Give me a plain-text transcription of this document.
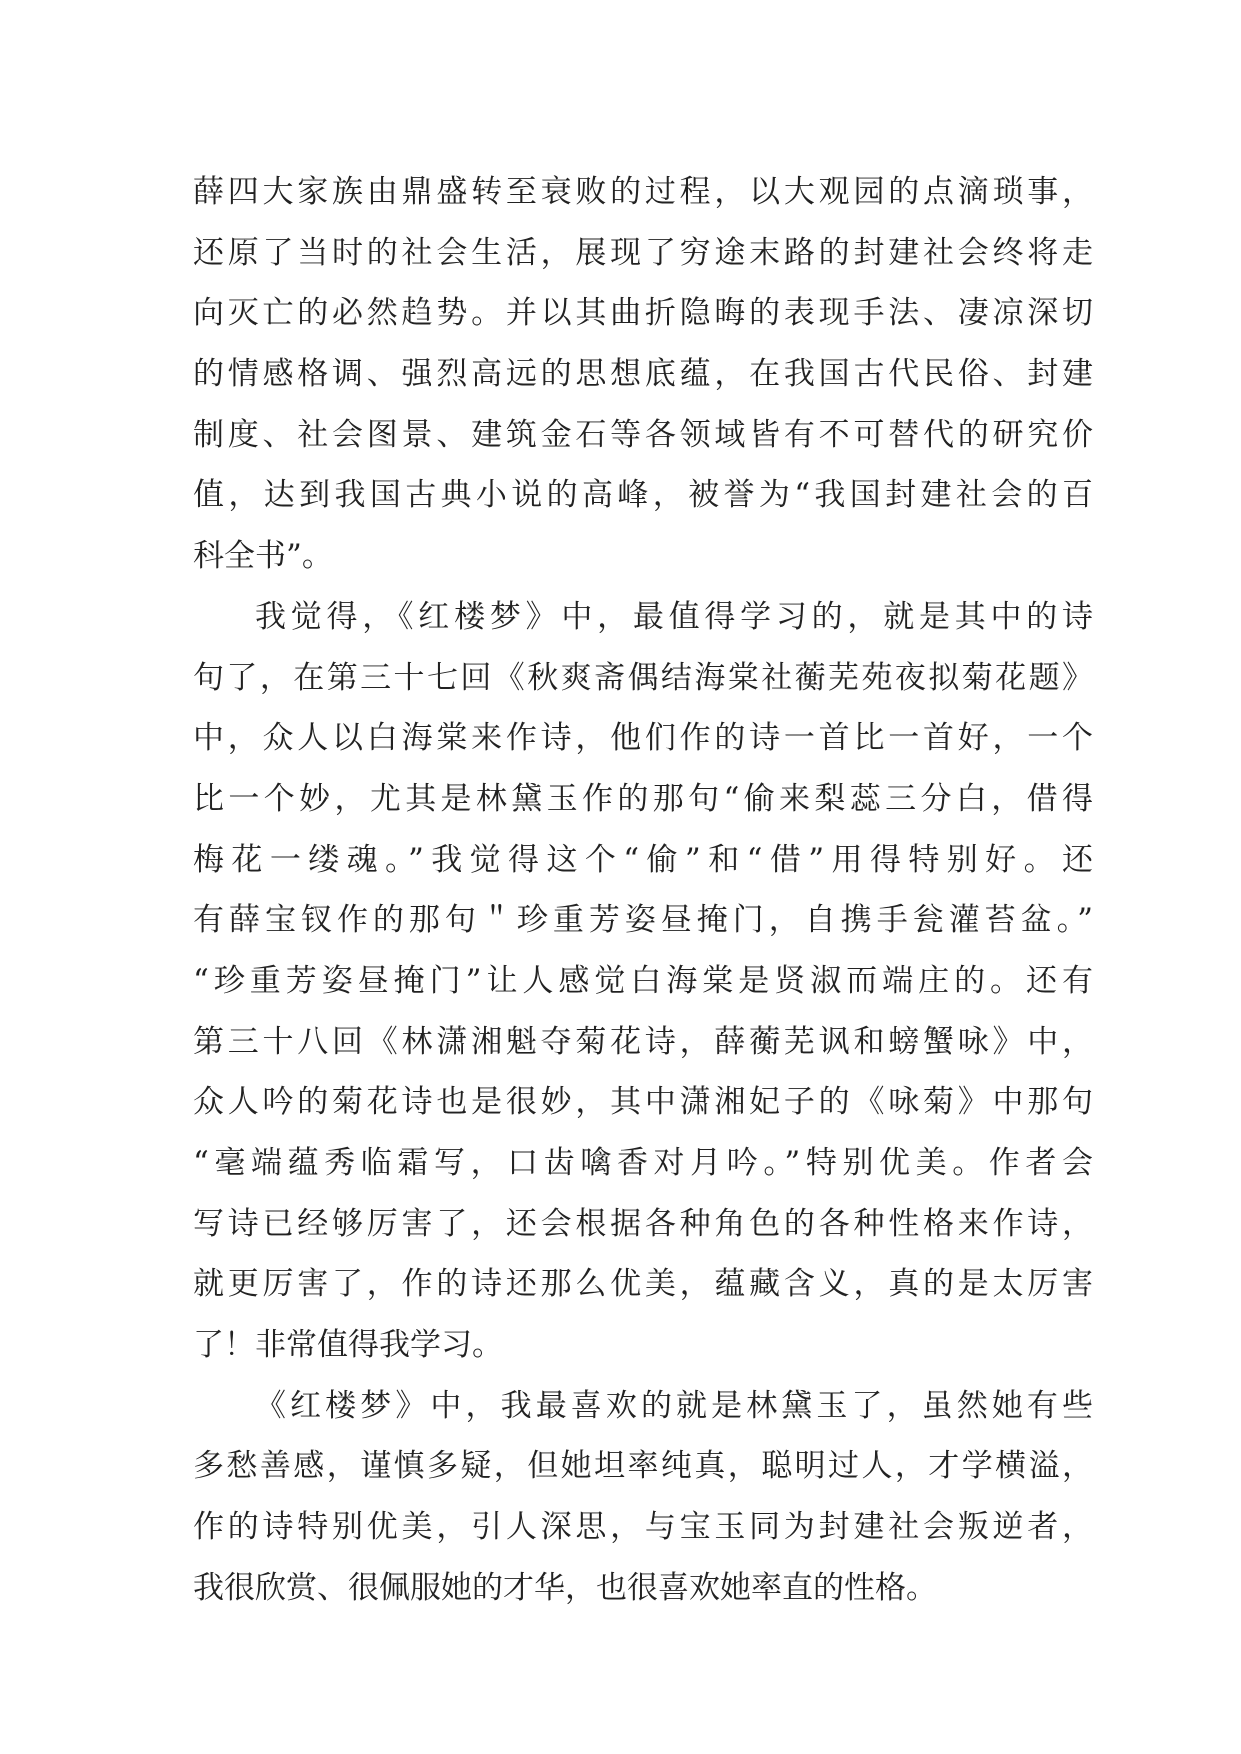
薛四大家族由鼎盛转至衰败的过程，以大观园的点滴琐事，
还原了当时的社会生活，展现了穷途末路的封建社会终将走
向灭亡的必然趋势。并以其曲折隐晦的表现手法、凄凉深切
的情感格调、强烈高远的思想底蕴，在我国古代民俗、封建
制度、社会图景、建筑金石等各领域皆有不可替代的研究价
值，达到我国古典小说的高峰，被誉为“我国封建社会的百
科全书”。
我觉得，《红楼梦》中，最值得学习的，就是其中的诗
句了，在第三十七回《秋爽斋偶结海棠社蘅芜苑夜拟菊花题》
中，众人以白海棠来作诗，他们作的诗一首比一首好，一个
比一个妙，尤其是林黛玉作的那句“偷来梨蕊三分白，借得
梅花一缕魂。”我觉得这个“偷”和“借”用得特别好。还
有薛宝钗作的那句＂珍重芳姿昼掩门，自携手瓮灌苔盆。”
“珍重芳姿昼掩门”让人感觉白海棠是贤淑而端庄的。还有
第三十八回《林潇湘魁夺菊花诗，薛蘅芜讽和螃蟹咏》中，
众人吟的菊花诗也是很妙，其中潇湘妃子的《咏菊》中那句
“毫端蕴秀临霜写，口齿噙香对月吟。”特别优美。作者会
写诗已经够厉害了，还会根据各种角色的各种性格来作诗，
就更厉害了，作的诗还那么优美，蕴藏含义，真的是太厉害
了！非常值得我学习。
《红楼梦》中，我最喜欢的就是林黛玉了，虽然她有些
多愁善感，谨慎多疑，但她坦率纯真，聪明过人，才学横溢，
作的诗特别优美，引人深思，与宝玉同为封建社会叛逆者，
我很欣赏、很佩服她的才华，也很喜欢她率直的性格。
